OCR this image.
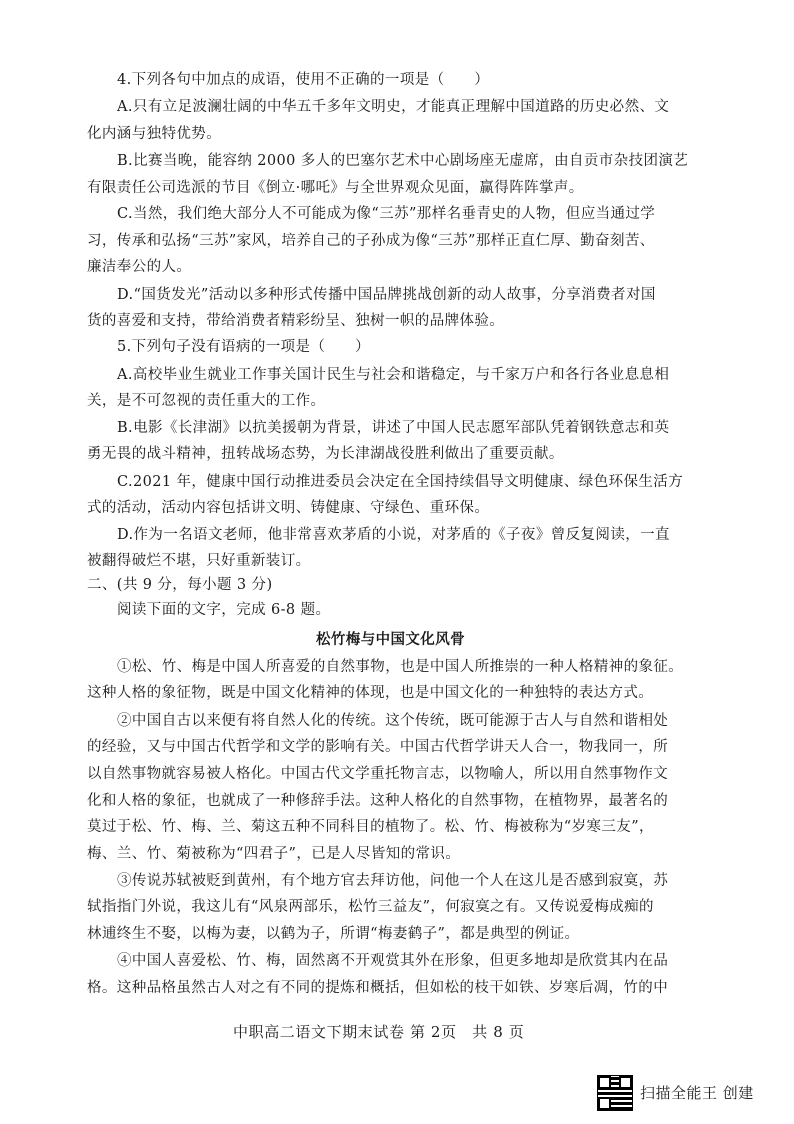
4.下列各句中加点的成语，使用不正确的一项是（　　）

A.只有立足波澜壮阔的中华五千多年文明史，才能真正理解中国道路的历史必然、文

化内涵与独特优势。

B.比赛当晚，能容纳 2000 多人的巴塞尔艺术中心剧场座无虚席，由自贡市杂技团演艺

有限责任公司选派的节目《倒立·哪吒》与全世界观众见面，赢得阵阵掌声。

C.当然，我们绝大部分人不可能成为像“三苏”那样名垂青史的人物，但应当通过学

习，传承和弘扬“三苏”家风，培养自己的子孙成为像“三苏”那样正直仁厚、勤奋刻苦、

廉洁奉公的人。

D.“国货发光”活动以多种形式传播中国品牌挑战创新的动人故事，分享消费者对国

货的喜爱和支持，带给消费者精彩纷呈、独树一帜的品牌体验。

5.下列句子没有语病的一项是（　　）

A.高校毕业生就业工作事关国计民生与社会和谐稳定，与千家万户和各行各业息息相

关，是不可忽视的责任重大的工作。

B.电影《长津湖》以抗美援朝为背景，讲述了中国人民志愿军部队凭着钢铁意志和英

勇无畏的战斗精神，扭转战场态势，为长津湖战役胜利做出了重要贡献。

C.2021 年，健康中国行动推进委员会决定在全国持续倡导文明健康、绿色环保生活方

式的活动，活动内容包括讲文明、铸健康、守绿色、重环保。

D.作为一名语文老师，他非常喜欢茅盾的小说，对茅盾的《子夜》曾反复阅读，一直

被翻得破烂不堪，只好重新装订。

二、(共 9 分，每小题 3 分)

阅读下面的文字，完成 6-8 题。

松竹梅与中国文化风骨

①松、竹、梅是中国人所喜爱的自然事物，也是中国人所推崇的一种人格精神的象征。

这种人格的象征物，既是中国文化精神的体现，也是中国文化的一种独特的表达方式。

②中国自古以来便有将自然人化的传统。这个传统，既可能源于古人与自然和谐相处

的经验，又与中国古代哲学和文学的影响有关。中国古代哲学讲天人合一，物我同一，所

以自然事物就容易被人格化。中国古代文学重托物言志，以物喻人，所以用自然事物作文

化和人格的象征，也就成了一种修辞手法。这种人格化的自然事物，在植物界，最著名的

莫过于松、竹、梅、兰、菊这五种不同科目的植物了。松、竹、梅被称为“岁寒三友”，

梅、兰、竹、菊被称为“四君子”，已是人尽皆知的常识。

③传说苏轼被贬到黄州，有个地方官去拜访他，问他一个人在这儿是否感到寂寞，苏

轼指指门外说，我这儿有“风泉两部乐，松竹三益友”，何寂寞之有。又传说爱梅成痴的

林逋终生不娶，以梅为妻，以鹤为子，所谓“梅妻鹤子”，都是典型的例证。

④中国人喜爱松、竹、梅，固然离不开观赏其外在形象，但更多地却是欣赏其内在品

格。这种品格虽然古人对之有不同的提炼和概括，但如松的枝干如铁、岁寒后凋，竹的中

中职高二语文下期末试卷 第 2页　共 8 页

扫描全能王 创建
